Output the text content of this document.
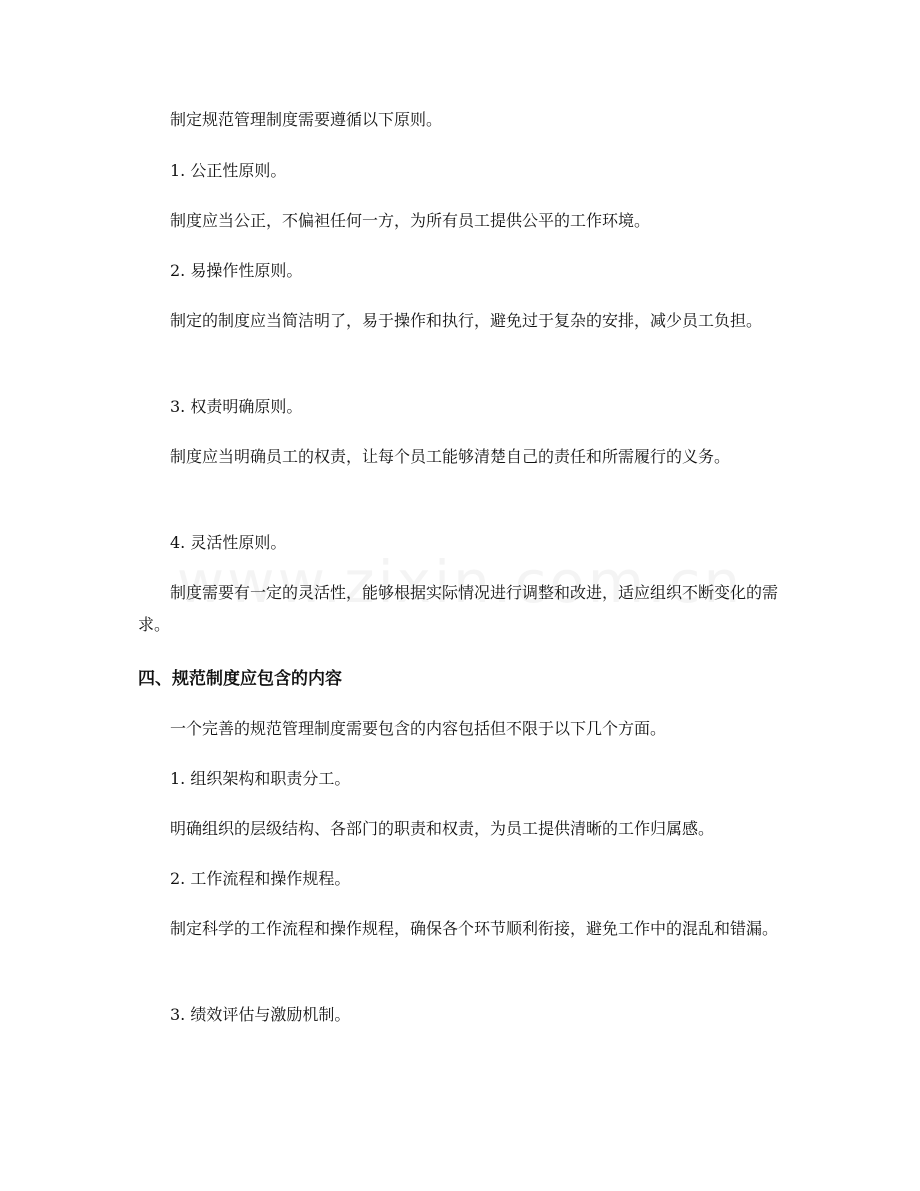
制定规范管理制度需要遵循以下原则。

1. 公正性原则。

制度应当公正，不偏袒任何一方，为所有员工提供公平的工作环境。

2. 易操作性原则。

制定的制度应当简洁明了，易于操作和执行，避免过于复杂的安排，减少员工负担。

3. 权责明确原则。

制度应当明确员工的权责，让每个员工能够清楚自己的责任和所需履行的义务。

4. 灵活性原则。

制度需要有一定的灵活性，能够根据实际情况进行调整和改进，适应组织不断变化的需求。

四、规范制度应包含的内容

一个完善的规范管理制度需要包含的内容包括但不限于以下几个方面。

1. 组织架构和职责分工。

明确组织的层级结构、各部门的职责和权责，为员工提供清晰的工作归属感。

2. 工作流程和操作规程。

制定科学的工作流程和操作规程，确保各个环节顺利衔接，避免工作中的混乱和错漏。

3. 绩效评估与激励机制。
